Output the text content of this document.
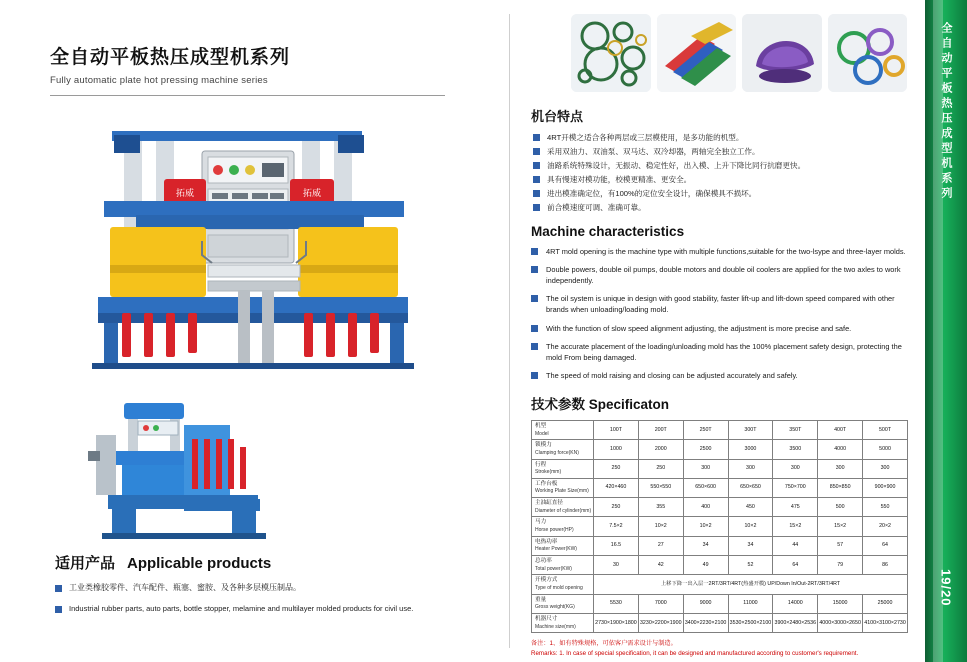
全自动平板热压成型机系列
Fully automatic plate hot pressing machine series
拓威	拓威
适用产品 Applicable products
工业类橡胶零件、汽车配件、瓶塞、蜜胺、及各种多层模压制品。
Industrial rubber parts, auto parts, bottle stopper, melamine and multilayer molded products for civil use.
机台特点
4RT开模之适合各种两层或三层模使用，是多功能的机型。
采用双油力、双油泵、双马达、双冷却器，两轴完全独立工作。
油路系统特殊设计，无振动、稳定性好，出入模、上升下降比同行抗磨更快。
具有慢速对模功能，校模更精准、更安全。
进出模准确定位，有100%的定位安全设计，确保模具不损坏。
前合模速度可调、准确可靠。
Machine characteristics
4RT mold opening is the machine type with multiple functions,suitable for the two-lsype and three-layer molds.
Double powers, double oil pumps, double motors and double oil coolers are applied for the two axles to work independently.
The oil system is unique in design with good stability, faster lift-up and lift-down speed compared with other brands when unloading/loading mold.
With the function of slow speed alignment adjusting, the adjustment is more precise and safe.
The accurate placement of the loading/unloading mold has the 100% placement safety design, protecting the mold From being damaged.
The speed of mold raising and closing can be adjusted accurately and safely.
技术参数 Specificaton
机型
Model	100T	200T	250T	300T	350T	400T	500T

锁模力
Clamping force(KN)	1000	2000	2500	3000	3500	4000	5000

行程
Stroke(mm)	250	250	300	300	300	300	300

工作台板
Working Plate Size(mm)	420×460	550×550	650×600	650×650	750×700	850×850	900×900

主油缸直径
Diameter of cylinder(mm)	250	355	400	450	475	500	550

马力
Horse power(HP)	7.5×2	10×2	10×2	10×2	15×2	15×2	20×2

电热功率
Heater Power(KW)	16.5	27	34	34	44	57	64

总功率
Total power(KW)	30	42	49	52	64	79	86

开模方式
Type of mold opening	上移下降一出入层一2RT/3RT/4RT(热盛开模) UP/Down In/Out-2RT/3RT/4RT						

重量
Gross weight(KG)	5530	7000	9000	11000	14000	15000	25000

机器尺寸
Machine size(mm)	2730×1900×1800	3230×2200×1900	3400×2230×2100	3530×2500×2100	3900×2480×2536	4000×3000×2650	4100×3100×2730
备注：1、如有特殊规格，可依客户需求设计与制造。
Remarks: 1. In case of special specification, it can be designed and manufactured according to customer's requirement.
全自动平板热压成型机系列
19/20
